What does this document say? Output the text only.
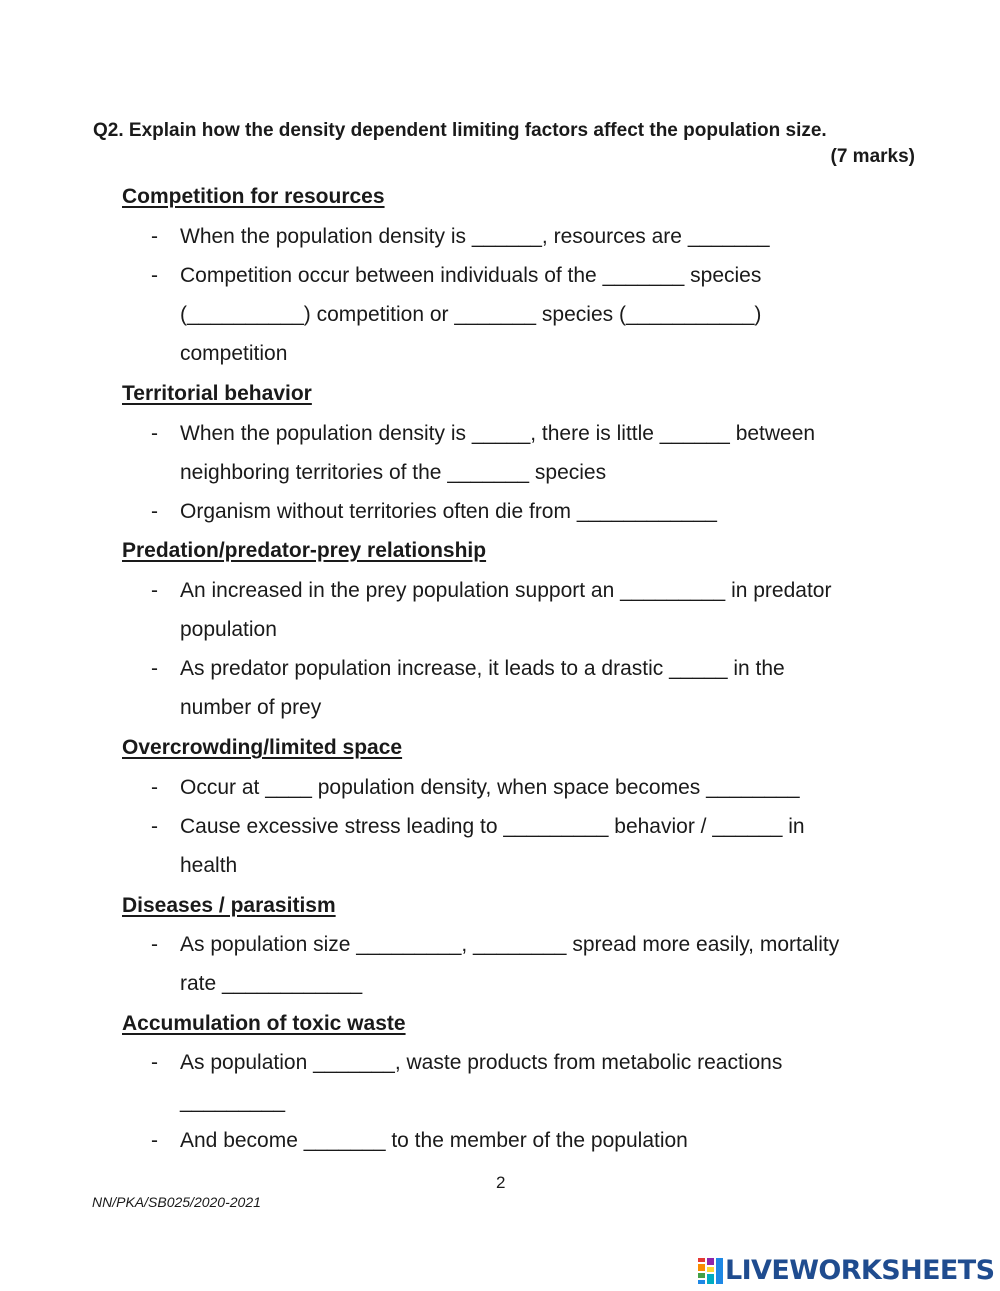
Q2. Explain how the density dependent limiting factors affect the population size.
(7 marks)
Competition for resources
- When the population density is ______, resources are _______
- Competition occur between individuals of the _______ species
(__________) competition or _______ species (___________)
competition
Territorial behavior
- When the population density is _____, there is little ______ between
neighboring territories of the _______ species
- Organism without territories often die from ____________
Predation/predator-prey relationship
- An increased in the prey population support an _________ in predator
population
- As predator population increase, it leads to a drastic _____ in the
number of prey
Overcrowding/limited space
- Occur at ____ population density, when space becomes ________
- Cause excessive stress leading to _________ behavior / ______ in
health
Diseases / parasitism
- As population size _________, ________ spread more easily, mortality
rate ____________
Accumulation of toxic waste
- As population _______, waste products from metabolic reactions
_________
- And become _______ to the member of the population
2
NN/PKA/SB025/2020-2021
LIVEWORKSHEETS
